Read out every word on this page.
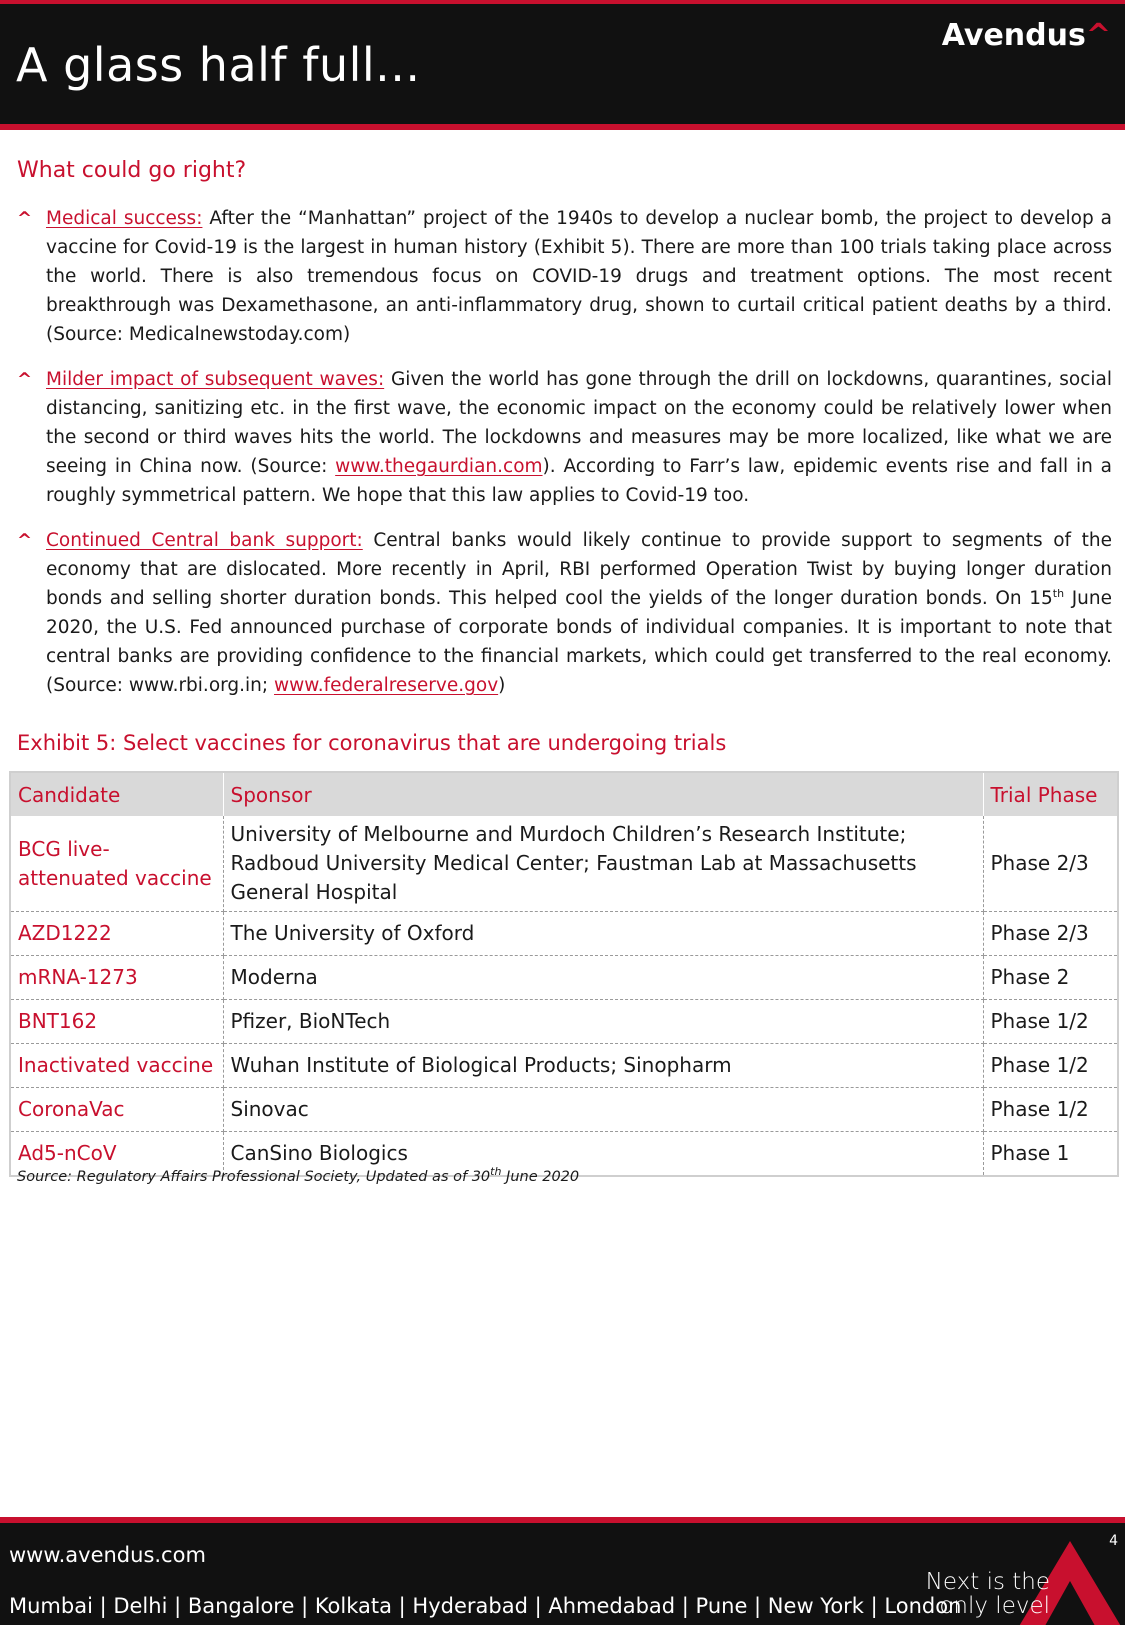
A glass half full...
Avendus^
What could go right?

^ Medical success: After the “Manhattan” project of the 1940s to develop a nuclear bomb, the project to develop a vaccine for Covid-19 is the largest in human history (Exhibit 5). There are more than 100 trials taking place across the world. There is also tremendous focus on COVID-19 drugs and treatment options. The most recent breakthrough was Dexamethasone, an anti-inflammatory drug, shown to curtail critical patient deaths by a third. (Source: Medicalnewstoday.com)

^ Milder impact of subsequent waves: Given the world has gone through the drill on lockdowns, quarantines, social distancing, sanitizing etc. in the first wave, the economic impact on the economy could be relatively lower when the second or third waves hits the world. The lockdowns and measures may be more localized, like what we are seeing in China now. (Source: www.thegaurdian.com). According to Farr’s law, epidemic events rise and fall in a roughly symmetrical pattern. We hope that this law applies to Covid-19 too.

^ Continued Central bank support: Central banks would likely continue to provide support to segments of the economy that are dislocated. More recently in April, RBI performed Operation Twist by buying longer duration bonds and selling shorter duration bonds. This helped cool the yields of the longer duration bonds. On 15th June 2020, the U.S. Fed announced purchase of corporate bonds of individual companies. It is important to note that central banks are providing confidence to the financial markets, which could get transferred to the real economy. (Source: www.rbi.org.in; www.federalreserve.gov)

Exhibit 5: Select vaccines for coronavirus that are undergoing trials
Candidate	Sponsor	Trial Phase
BCG live-attenuated vaccine	University of Melbourne and Murdoch Children’s Research Institute; Radboud University Medical Center; Faustman Lab at Massachusetts General Hospital	Phase 2/3
AZD1222	The University of Oxford	Phase 2/3
mRNA-1273	Moderna	Phase 2
BNT162	Pfizer, BioNTech	Phase 1/2
Inactivated vaccine	Wuhan Institute of Biological Products; Sinopharm	Phase 1/2
CoronaVac	Sinovac	Phase 1/2
Ad5-nCoV	CanSino Biologics	Phase 1
Source: Regulatory Affairs Professional Society, Updated as of 30th June 2020
www.avendus.com
Mumbai | Delhi | Bangalore | Kolkata | Hyderabad | Ahmedabad | Pune | New York | London
4
Next is the
only level
